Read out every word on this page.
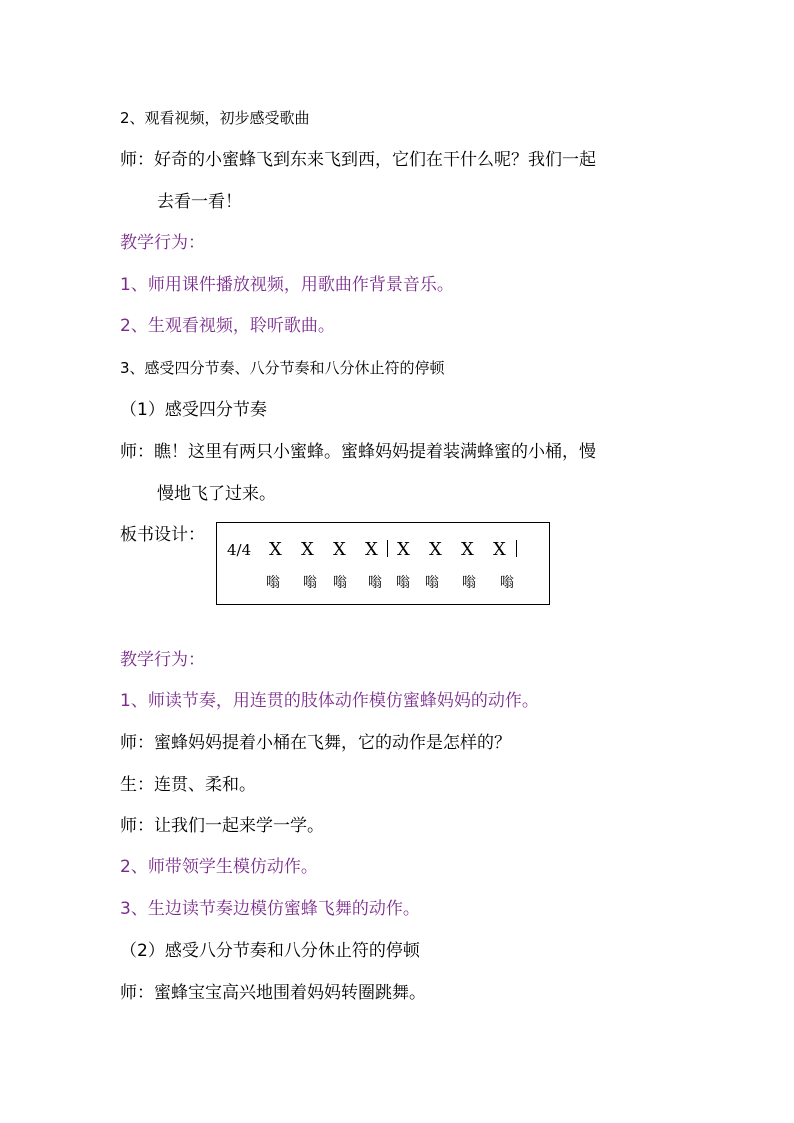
2、观看视频，初步感受歌曲
师：好奇的小蜜蜂飞到东来飞到西，它们在干什么呢？我们一起
去看一看！
教学行为：
1、师用课件播放视频，用歌曲作背景音乐。
2、生观看视频，聆听歌曲。
3、感受四分节奏、八分节奏和八分休止符的停顿
（1）感受四分节奏
师：瞧！这里有两只小蜜蜂。蜜蜂妈妈提着装满蜂蜜的小桶，慢
慢地飞了过来。
板书设计：
4/4 X X X X X X X X
嗡 嗡 嗡 嗡 嗡 嗡 嗡 嗡
教学行为：
1、师读节奏，用连贯的肢体动作模仿蜜蜂妈妈的动作。
师：蜜蜂妈妈提着小桶在飞舞，它的动作是怎样的？
生：连贯、柔和。
师：让我们一起来学一学。
2、师带领学生模仿动作。
3、生边读节奏边模仿蜜蜂飞舞的动作。
（2）感受八分节奏和八分休止符的停顿
师：蜜蜂宝宝高兴地围着妈妈转圈跳舞。
